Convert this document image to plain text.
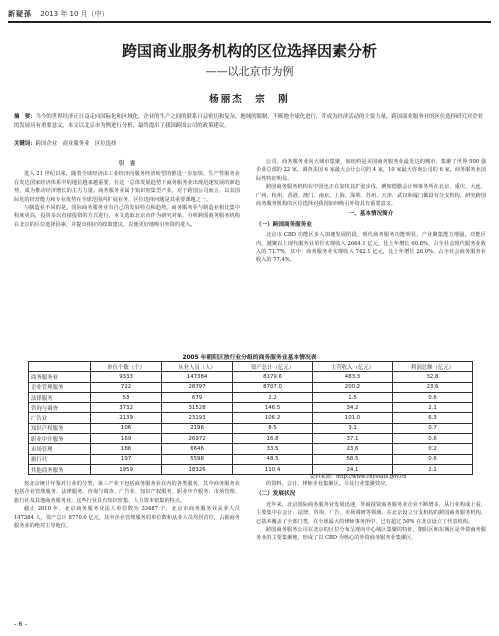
新疑孫 2013 年 10 月（中）
跨国商业服务机构的区位选择因素分析
——以北京市为例
杨丽杰　宗　刚
摘　要：当今的世界经济正日益走向国际化和区域化，企业的生产之间的联系日益密切和复杂，地域的限制，不断地全球化进行，并成为经济活动的主要力量。跨国商业服务业的区位选择研究对企业的发展具有重要意义，本文以北京市为例进行分析，最终提出了我国跨国公司的政策建议。
关键词：跨国企业　商业服务业　区位选择
引　言

进入 21 世纪以来，随着全球经济由工业经济向服务经济转型的推进一步加快，生产性服务业在发达国家经济体系中的地位越来越重要，在这一总体发展趋势下商务服务业出现迅速发展的新趋势，成为推动经济增长的主力力量。商务服务业属于知识密集型产业，对于跨国公司而言，以其国际化的经营能力和专业优势在全球范围内扩展业务，区位选择问题是其重要课题之一。

与制造业不同的是，国际商务服务业有自己的发展特点和趋势。商务服务业与制造业相比集中程度更高，投资多以直接投资的方式进行，本文选取北京市作为研究对象，分析跨国商务服务机构在北京的区位选择因素，并提出相应的政策建议，以便更好地吸引外资的进入。

公司、商务服务业向大城市集聚，如纽约是美国商务服务业最发达的城市，集聚了世界 500 强企业总部的 22 家。调查美国 6 家最大会计公司的 4 家，10 家最大咨询公司的 6 家，商务服务业国际性特征明显。

跨国商务服务机构在中国也正在加快其扩张步伐，例如德勤会计师事务所在北京、重庆、大连、广州、杭州、香港、澳门、南京、上海、深圳、苏州、天津、武汉和厦门都设有分支机构。研究跨国商务服务机构的区位选择对我国如何吸引外资具有重要意义。

一、基本情况简介
（一）跨国商务服务业

北京市 CBD 功能区步入加速发展阶段，现代商务服务功能明显，产业聚集能力增强，功能区内，越聚以上现代服务业单位实现收入 2664.1 亿元，比上年增长 60.8%，占全社会现代服务业收入的 71.7%，其中：商务服务业实现收入 742.1 亿元，比上年增长 26.0%，占全社会商务服务业收入的 77.4%。

2005 年朝阳区按行业分组的商务服务业基本情况表
	单位个数（个）	从业人员（人）	资产总计（亿元）	主营收入（亿元）	利润总额（亿元）
商务服务业	9333	147384	8179.6	483.3	32.8
企业管理服务	722	28797	8707.0	200.2	23.6
法律服务	53	679	2.2	1.5	0.6
咨询与调查	3732	31528	146.5	34.2	2.1
广告业	2139	23193	106.2	101.0	6.3
知识产权服务	106	2196	8.5	3.1	0.7
职业中介服务	169	26972	16.8	37.1	0.6
市场管理	186	6646	33.5	23.6	0.2
旅行社	197	5598	48.5	58.5	0.6
其他商务服务	1959	18326	110.4	24.1	2.1
资料来源：http://www.chystats.gov.cn

按北京统计年鉴对行业的分类，第三产业下包括商务服务业在内的各类服务，其中商务服务业包括企业管理服务、法律服务、咨询与调查、广告业、知识产权服务、职业中介服务、市场管理、旅行社及其他商务服务业，这些行业具有知识密集、人力资本密集的特点。

截止 2010 年，北京商务服务业法人单位数为 33487 个，北京市商务服务业从业人员 147384 人，资产总计 8770.0 亿元，其中企业管理服务的单位数和从业人员均居首位，占据商务服务业的绝对主导地位。

的资料、会计、律师企业集聚区，尽显行业集聚效应。

（二）发展状况

近年来，北京国际商务服务业发展迅速，外商投资商务服务业企业不断增多，从行业构成上看，主要集中在会计、法律、咨询、广告、市场调研等领域，在北京设立分支机构的跨国商务服务机构，已基本覆盖了全部门类，在全球最大的律师事务所中，已有超过 50% 在北京设立了代表机构。

跨国商务服务公司在北京的区位分布呈现向中心城区集聚的特征，朝阳区和东城区是外资商务服务业的主要集聚地，形成了以 CBD 为核心的外资商务服务业集聚区。

- 6 -
